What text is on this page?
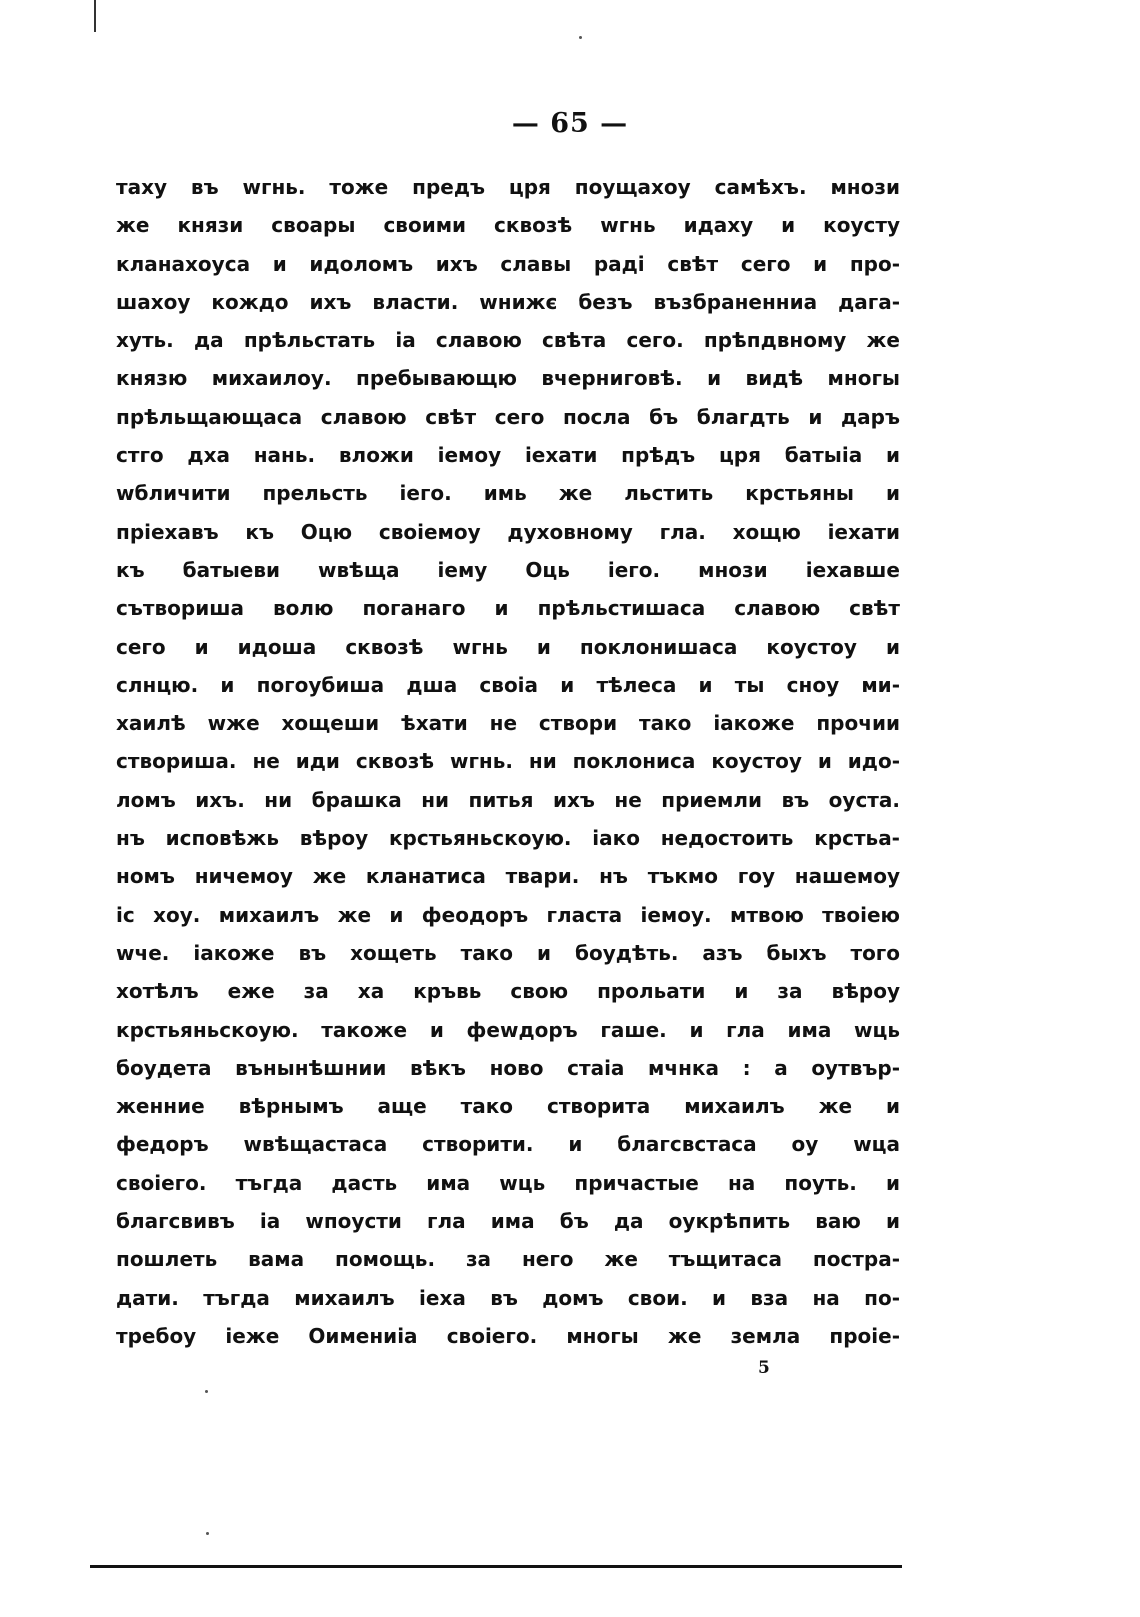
— 65 —
таху въ wгнь. тоже предъ цря поущахоу самѣхъ. мнози
же князи своары своими сквозѣ wгнь идаху и коусту
кланахоуса и идоломъ ихъ славы раді свѣт сего и про-
шахоу кождо ихъ власти. wнижє безъ възбраненниa дагa-
хуть. да прѣльстать iа славою свѣта сего. прѣпдвному же
князю михаилоу. пребывающю вчерниговѣ. и видѣ многы
прѣльщающаса славою свѣт сего посла бъ благдть и даръ
стго дха нань. вложи iемоу iехати прѣдъ цря батыiа и
wбличити прельсть iего. имь же льстить крстьяны и
пріехавъ къ Оцю своiемоу духовному гла. хощю iехати
къ батыеви wвѣща iему Оць iего. мнози iехавше
сътвориша волю поганаго и прѣльстишаса славою свѣт
сего и идоша сквозѣ wгнь и поклонишаса коустоу и
слнцю. и погоубиша дша своiа и тѣлеса и ты сноу ми-
хаилѣ wже хощеши ѣхати не створи тако iакоже прочии
створиша. не иди сквозѣ wгнь. ни поклониса коустоу и идо-
ломъ ихъ. ни брашка ни питья ихъ не приемли въ оуста.
нъ исповѣжь вѣроу крстьяньскоую. iако недостоить крстьа-
номъ ничемоу же кланатиса твари. нъ тъкмо гоу нашемоу
іс хоу. михаилъ же и феодоръ гласта iемоу. мтвою твоiею
wче. iакоже въ хощеть тако и боудѣть. азъ быхъ того
хотѣлъ еже за ха кръвь свою прольати и за вѣроу
крстьяньскоую. такоже и феwдоръ гаше. и гла има wць
боудета вънынѣшнии вѣкъ ново стаiа мчнка : а оутвър-
женние вѣрнымъ аще тако створита михаилъ же и
федоръ wвѣщастаса створити. и благсвстаса оу wца
своiего. тъгда дасть има wць причастые на поуть. и
благсвивъ iа wпоусти гла има бъ да оукрѣпить ваю и
пошлеть вама помощь. за него же тъщитаса постра-
дати. тъгда михаилъ iеха въ домъ свои. и вза на по-
требоу iеже Оимениiа своiего. многы же земла проiе-
5
